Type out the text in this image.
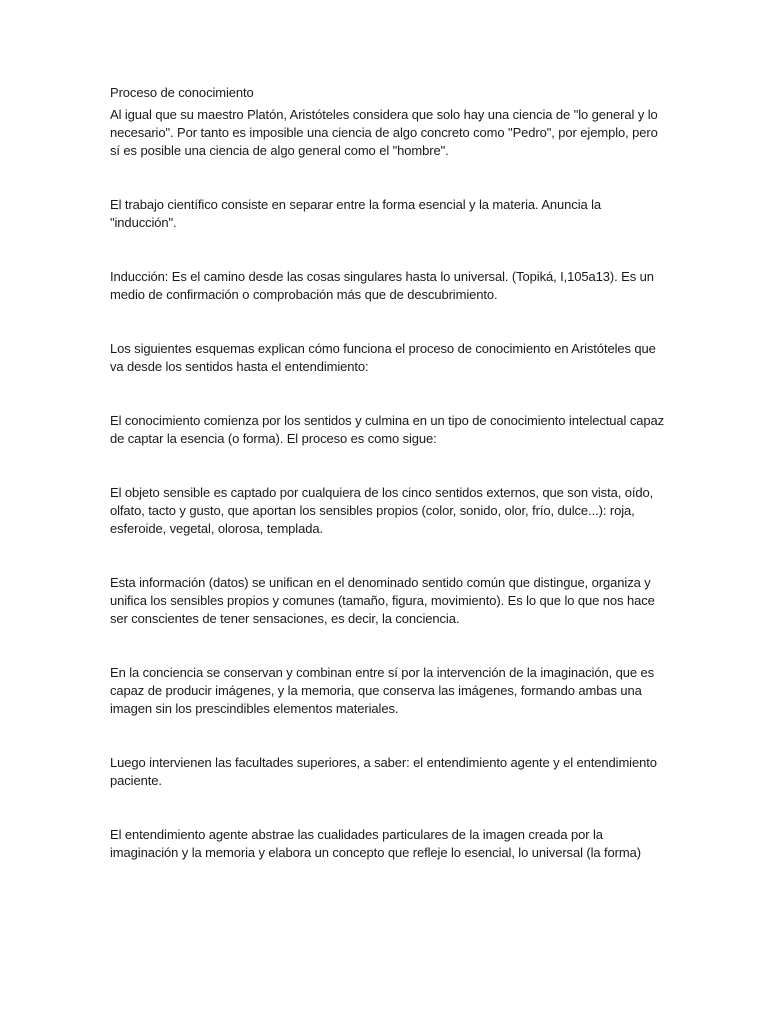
Proceso de conocimiento

Al igual que su maestro Platón, Aristóteles considera que solo hay una ciencia de "lo general y lo necesario". Por tanto es imposible una ciencia de algo concreto como "Pedro", por ejemplo, pero sí es posible una ciencia de algo general como el "hombre".

El trabajo científico consiste en separar entre la forma esencial y la materia. Anuncia la "inducción".

Inducción: Es el camino desde las cosas singulares hasta lo universal. (Topiká, I,105a13). Es un medio de confirmación o comprobación más que de descubrimiento.

Los siguientes esquemas explican cómo funciona el proceso de conocimiento en Aristóteles que va desde los sentidos hasta el entendimiento:

El conocimiento comienza por los sentidos y culmina en un tipo de conocimiento intelectual capaz de captar la esencia (o forma). El proceso es como sigue:

El objeto sensible es captado por cualquiera de los cinco sentidos externos, que son vista, oído, olfato, tacto y gusto, que aportan los sensibles propios (color, sonido, olor, frío, dulce...): roja, esferoide, vegetal, olorosa, templada.

Esta información (datos) se unifican en el denominado sentido común que distingue, organiza y unifica los sensibles propios y comunes (tamaño, figura, movimiento). Es lo que lo que nos hace ser conscientes de tener sensaciones, es decir, la conciencia.

En la conciencia se conservan y combinan entre sí por la intervención de la imaginación, que es capaz de producir imágenes, y la memoria, que conserva las imágenes, formando ambas una imagen sin los prescindibles elementos materiales.

Luego intervienen las facultades superiores, a saber: el entendimiento agente y el entendimiento paciente.

El entendimiento agente abstrae las cualidades particulares de la imagen creada por la imaginación y la memoria y elabora un concepto que refleje lo esencial, lo universal (la forma)
